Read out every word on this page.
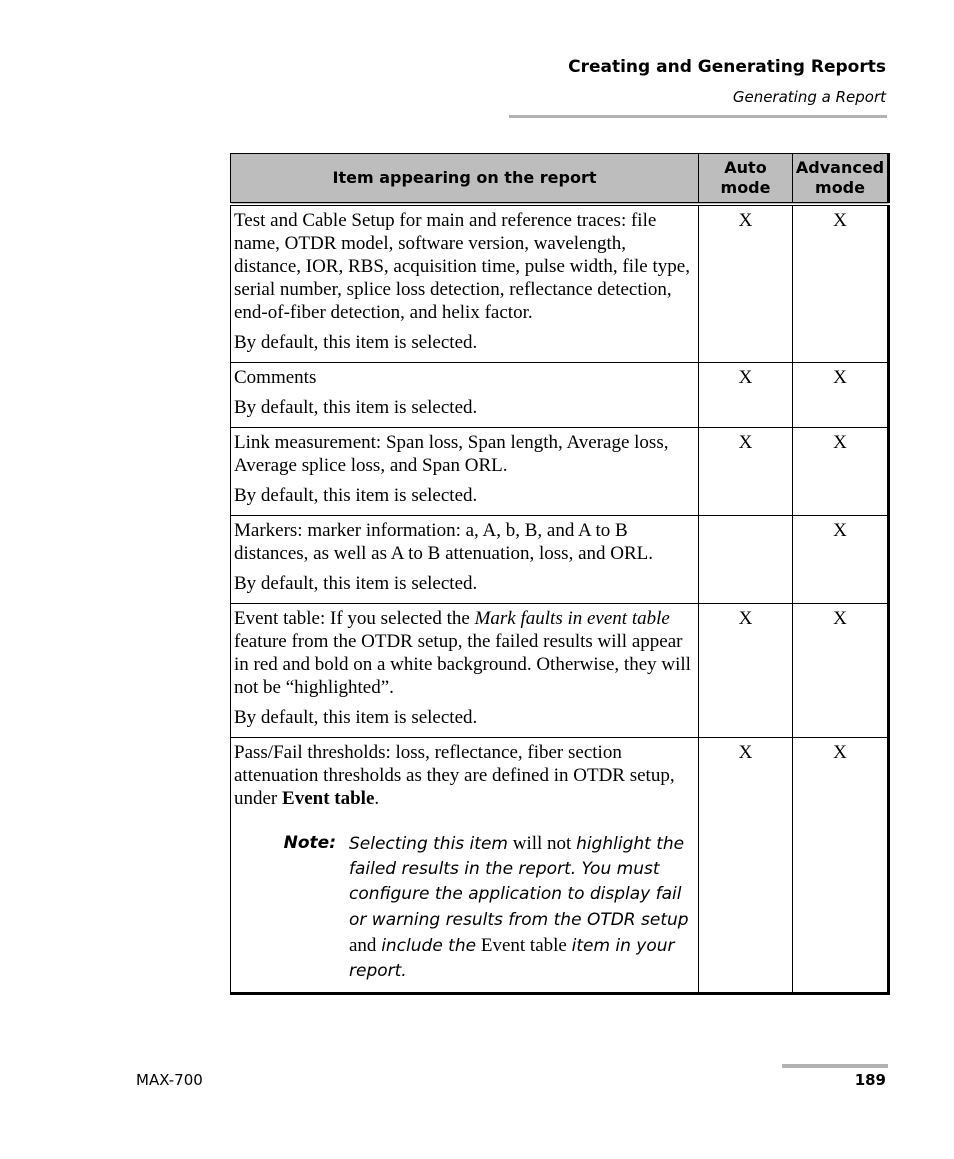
Creating and Generating Reports
Generating a Report
Item appearing on the report	Auto mode	Advanced mode

Test and Cable Setup for main and reference traces: file name, OTDR model, software version, wavelength, distance, IOR, RBS, acquisition time, pulse width, file type, serial number, splice loss detection, reflectance detection, end-of-fiber detection, and helix factor.

By default, this item is selected.	X	X

Comments

By default, this item is selected.	X	X

Link measurement: Span loss, Span length, Average loss, Average splice loss, and Span ORL.

By default, this item is selected.	X	X

Markers: marker information: a, A, b, B, and A to B distances, as well as A to B attenuation, loss, and ORL.

By default, this item is selected.		X

Event table: If you selected the Mark faults in event table feature from the OTDR setup, the failed results will appear in red and bold on a white background. Otherwise, they will not be “highlighted”.

By default, this item is selected.	X	X

Pass/Fail thresholds: loss, reflectance, fiber section attenuation thresholds as they are defined in OTDR setup, under Event table.

Note: Selecting this item will not highlight the failed results in the report. You must configure the application to display fail or warning results from the OTDR setup and include the Event table item in your report.	X	X
MAX-700	189
